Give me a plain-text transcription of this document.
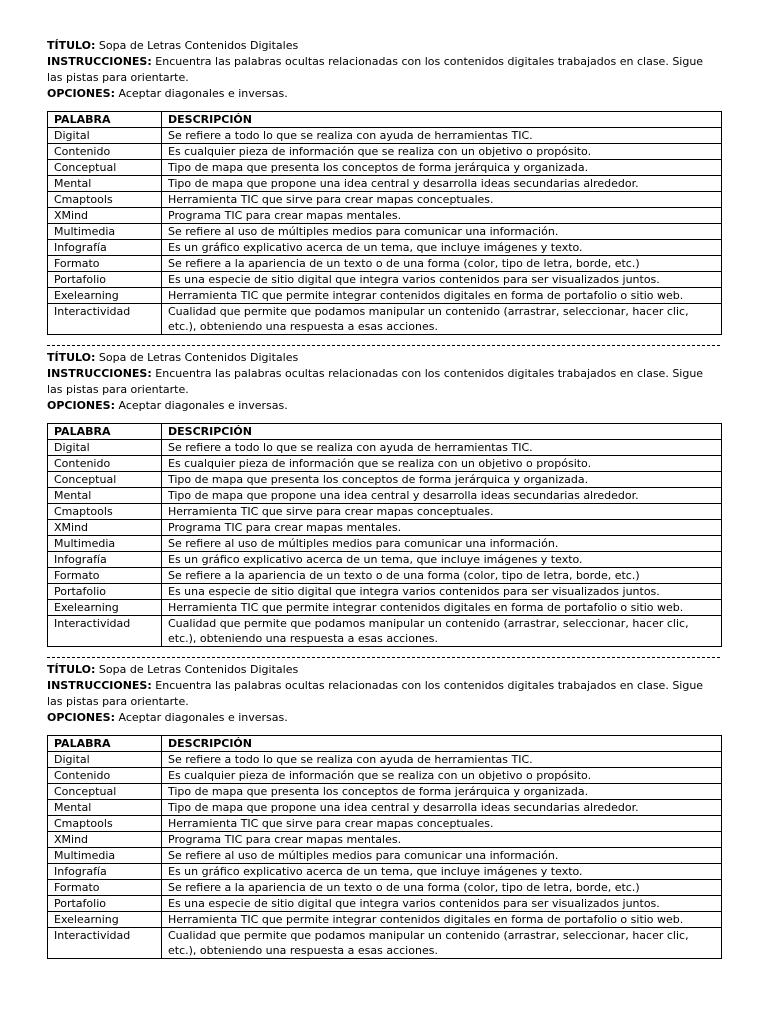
TÍTULO: Sopa de Letras Contenidos Digitales

INSTRUCCIONES: Encuentra las palabras ocultas relacionadas con los contenidos digitales trabajados en clase. Sigue las pistas para orientarte.

OPCIONES: Aceptar diagonales e inversas.

PALABRA	DESCRIPCIÓN
Digital	Se refiere a todo lo que se realiza con ayuda de herramientas TIC.
Contenido	Es cualquier pieza de información que se realiza con un objetivo o propósito.
Conceptual	Tipo de mapa que presenta los conceptos de forma jerárquica y organizada.
Mental	Tipo de mapa que propone una idea central y desarrolla ideas secundarias alrededor.
Cmaptools	Herramienta TIC que sirve para crear mapas conceptuales.
XMind	Programa TIC para crear mapas mentales.
Multimedia	Se refiere al uso de múltiples medios para comunicar una información.
Infografía	Es un gráfico explicativo acerca de un tema, que incluye imágenes y texto.
Formato	Se refiere a la apariencia de un texto o de una forma (color, tipo de letra, borde, etc.)
Portafolio	Es una especie de sitio digital que integra varios contenidos para ser visualizados juntos.
Exelearning	Herramienta TIC que permite integrar contenidos digitales en forma de portafolio o sitio web.
Interactividad	Cualidad que permite que podamos manipular un contenido (arrastrar, seleccionar, hacer clic, etc.), obteniendo una respuesta a esas acciones.

TÍTULO: Sopa de Letras Contenidos Digitales

INSTRUCCIONES: Encuentra las palabras ocultas relacionadas con los contenidos digitales trabajados en clase. Sigue las pistas para orientarte.

OPCIONES: Aceptar diagonales e inversas.

PALABRA	DESCRIPCIÓN
Digital	Se refiere a todo lo que se realiza con ayuda de herramientas TIC.
Contenido	Es cualquier pieza de información que se realiza con un objetivo o propósito.
Conceptual	Tipo de mapa que presenta los conceptos de forma jerárquica y organizada.
Mental	Tipo de mapa que propone una idea central y desarrolla ideas secundarias alrededor.
Cmaptools	Herramienta TIC que sirve para crear mapas conceptuales.
XMind	Programa TIC para crear mapas mentales.
Multimedia	Se refiere al uso de múltiples medios para comunicar una información.
Infografía	Es un gráfico explicativo acerca de un tema, que incluye imágenes y texto.
Formato	Se refiere a la apariencia de un texto o de una forma (color, tipo de letra, borde, etc.)
Portafolio	Es una especie de sitio digital que integra varios contenidos para ser visualizados juntos.
Exelearning	Herramienta TIC que permite integrar contenidos digitales en forma de portafolio o sitio web.
Interactividad	Cualidad que permite que podamos manipular un contenido (arrastrar, seleccionar, hacer clic, etc.), obteniendo una respuesta a esas acciones.

TÍTULO: Sopa de Letras Contenidos Digitales

INSTRUCCIONES: Encuentra las palabras ocultas relacionadas con los contenidos digitales trabajados en clase. Sigue las pistas para orientarte.

OPCIONES: Aceptar diagonales e inversas.

PALABRA	DESCRIPCIÓN
Digital	Se refiere a todo lo que se realiza con ayuda de herramientas TIC.
Contenido	Es cualquier pieza de información que se realiza con un objetivo o propósito.
Conceptual	Tipo de mapa que presenta los conceptos de forma jerárquica y organizada.
Mental	Tipo de mapa que propone una idea central y desarrolla ideas secundarias alrededor.
Cmaptools	Herramienta TIC que sirve para crear mapas conceptuales.
XMind	Programa TIC para crear mapas mentales.
Multimedia	Se refiere al uso de múltiples medios para comunicar una información.
Infografía	Es un gráfico explicativo acerca de un tema, que incluye imágenes y texto.
Formato	Se refiere a la apariencia de un texto o de una forma (color, tipo de letra, borde, etc.)
Portafolio	Es una especie de sitio digital que integra varios contenidos para ser visualizados juntos.
Exelearning	Herramienta TIC que permite integrar contenidos digitales en forma de portafolio o sitio web.
Interactividad	Cualidad que permite que podamos manipular un contenido (arrastrar, seleccionar, hacer clic, etc.), obteniendo una respuesta a esas acciones.
